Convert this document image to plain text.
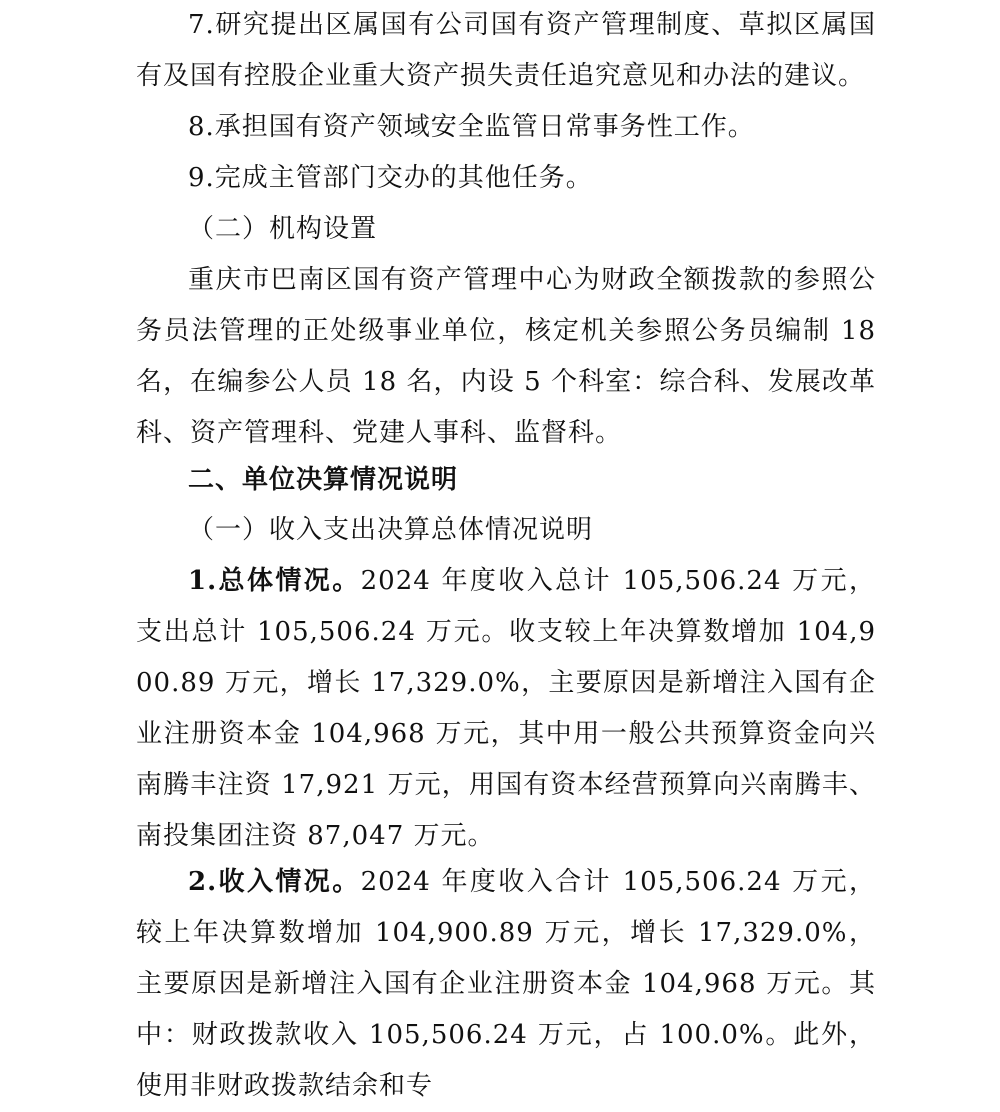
7.研究提出区属国有公司国有资产管理制度、草拟区属国有及国有控股企业重大资产损失责任追究意见和办法的建议。

8.承担国有资产领域安全监管日常事务性工作。

9.完成主管部门交办的其他任务。

（二）机构设置

重庆市巴南区国有资产管理中心为财政全额拨款的参照公务员法管理的正处级事业单位，核定机关参照公务员编制 18 名，在编参公人员 18 名，内设 5 个科室：综合科、发展改革科、资产管理科、党建人事科、监督科。

二、单位决算情况说明

（一）收入支出决算总体情况说明

1.总体情况。2024 年度收入总计 105,506.24 万元，支出总计 105,506.24 万元。收支较上年决算数增加 104,900.89 万元，增长 17,329.0%，主要原因是新增注入国有企业注册资本金 104,968 万元，其中用一般公共预算资金向兴南腾丰注资 17,921 万元，用国有资本经营预算向兴南腾丰、南投集团注资 87,047 万元。

2.收入情况。2024 年度收入合计 105,506.24 万元，较上年决算数增加 104,900.89 万元，增长 17,329.0%，主要原因是新增注入国有企业注册资本金 104,968 万元。其中：财政拨款收入 105,506.24 万元，占 100.0%。此外，使用非财政拨款结余和专
